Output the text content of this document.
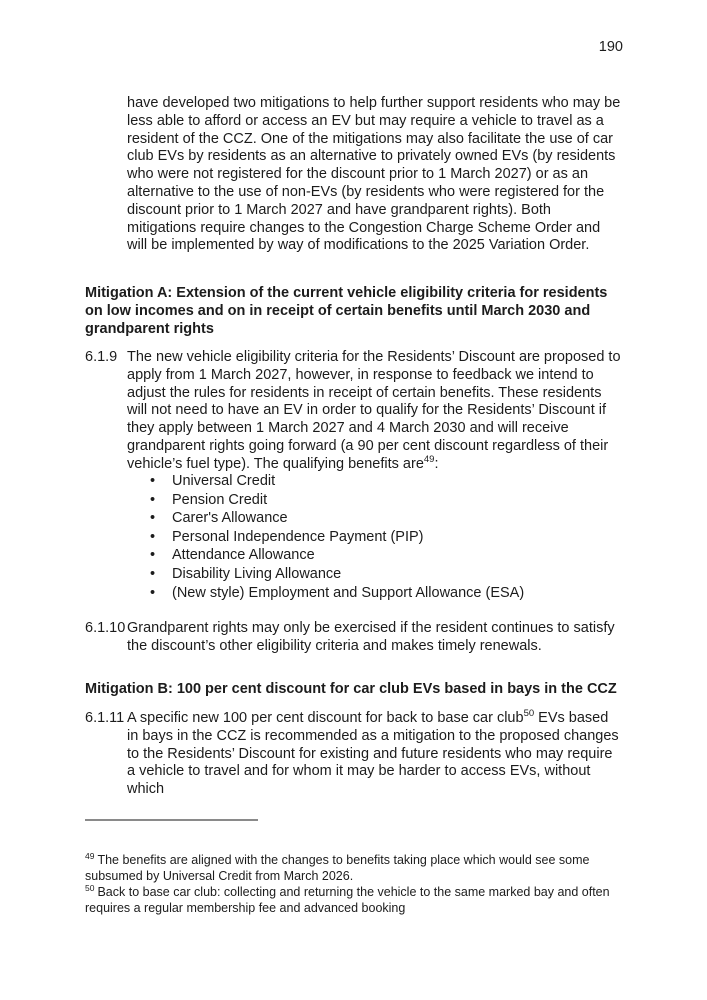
190

have developed two mitigations to help further support residents who may be less able to afford or access an EV but may require a vehicle to travel as a resident of the CCZ. One of the mitigations may also facilitate the use of car club EVs by residents as an alternative to privately owned EVs (by residents who were not registered for the discount prior to 1 March 2027) or as an alternative to the use of non-EVs (by residents who were registered for the discount prior to 1 March 2027 and have grandparent rights). Both mitigations require changes to the Congestion Charge Scheme Order and will be implemented by way of modifications to the 2025 Variation Order.

Mitigation A: Extension of the current vehicle eligibility criteria for residents on low incomes and on in receipt of certain benefits until March 2030 and grandparent rights
6.1.9 The new vehicle eligibility criteria for the Residents’ Discount are proposed to apply from 1 March 2027, however, in response to feedback we intend to adjust the rules for residents in receipt of certain benefits. These residents will not need to have an EV in order to qualify for the Residents’ Discount if they apply between 1 March 2027 and 4 March 2030 and will receive grandparent rights going forward (a 90 per cent discount regardless of their vehicle’s fuel type). The qualifying benefits are$^{49}$:
• Universal Credit
• Pension Credit
• Carer's Allowance
• Personal Independence Payment (PIP)
• Attendance Allowance
• Disability Living Allowance
• (New style) Employment and Support Allowance (ESA)
6.1.10 Grandparent rights may only be exercised if the resident continues to satisfy the discount’s other eligibility criteria and makes timely renewals.
Mitigation B: 100 per cent discount for car club EVs based in bays in the CCZ
6.1.11 A specific new 100 per cent discount for back to base car club$^{50}$ EVs based in bays in the CCZ is recommended as a mitigation to the proposed changes to the Residents’ Discount for existing and future residents who may require a vehicle to travel and for whom it may be harder to access EVs, without which
$^{49}$ The benefits are aligned with the changes to benefits taking place which would see some subsumed by Universal Credit from March 2026.
$^{50}$ Back to base car club: collecting and returning the vehicle to the same marked bay and often requires a regular membership fee and advanced booking
